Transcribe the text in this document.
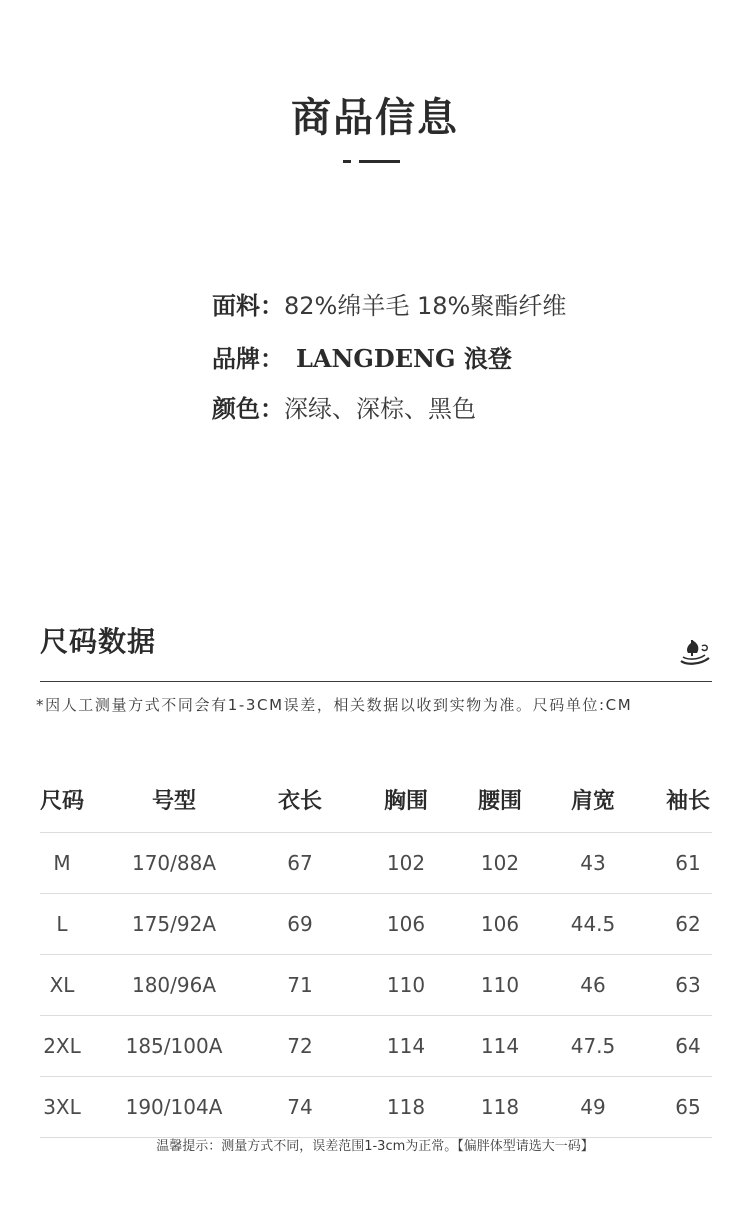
商品信息
面料：82%绵羊毛 18%聚酯纤维
品牌： LANGDENG 浪登
颜色：深绿、深棕、黑色
尺码数据
*因人工测量方式不同会有1-3CM误差，相关数据以收到实物为准。尺码单位:CM
尺码	号型	衣长	胸围 腰围 肩宽 袖长
M	170/88A	67	102	102	43	61
L	175/92A	69	106	106	44.5	62
XL	180/96A	71	110	110	46	63
2XL 185/100A	72	114	114	47.5	64
3XL 190/104A	74	118	118	49	65
温馨提示：测量方式不同，误差范围1-3cm为正常。【偏胖体型请选大一码】
